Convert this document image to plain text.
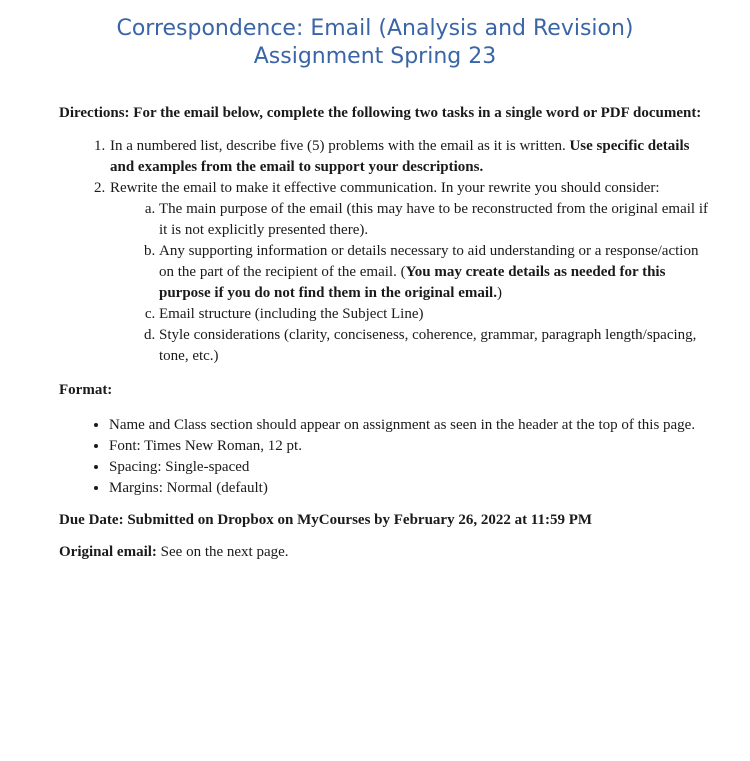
Correspondence: Email (Analysis and Revision)
Assignment Spring 23

Directions: For the email below, complete the following two tasks in a single word or PDF document:

1. In a numbered list, describe five (5) problems with the email as it is written. Use specific details and examples from the email to support your descriptions.
2. Rewrite the email to make it effective communication. In your rewrite you should consider:
a. The main purpose of the email (this may have to be reconstructed from the original email if it is not explicitly presented there).
b. Any supporting information or details necessary to aid understanding or a response/action on the part of the recipient of the email. (You may create details as needed for this purpose if you do not find them in the original email.)
c. Email structure (including the Subject Line)
d. Style considerations (clarity, conciseness, coherence, grammar, paragraph length/spacing, tone, etc.)
Format:
• Name and Class section should appear on assignment as seen in the header at the top of this page.
• Font: Times New Roman, 12 pt.
• Spacing: Single-spaced
• Margins: Normal (default)
Due Date: Submitted on Dropbox on MyCourses by February 26, 2022 at 11:59 PM
Original email: See on the next page.
